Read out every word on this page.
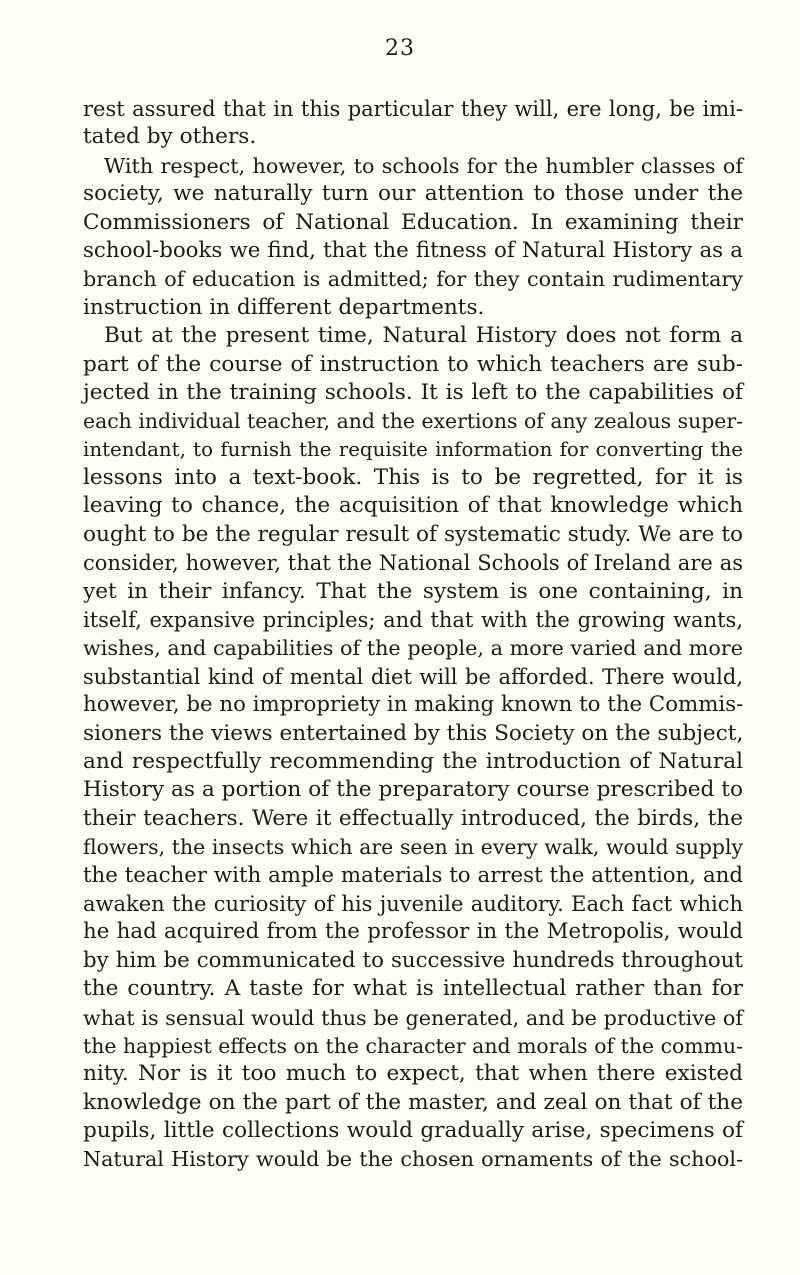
23
rest assured that in this particular they will, ere long, be imi-
tated by others.
With respect, however, to schools for the humbler classes of
society, we naturally turn our attention to those under the
Commissioners of National Education. In examining their
school-books we find, that the fitness of Natural History as a
branch of education is admitted; for they contain rudimentary
instruction in different departments.
But at the present time, Natural History does not form a
part of the course of instruction to which teachers are sub-
jected in the training schools. It is left to the capabilities of
each individual teacher, and the exertions of any zealous super-
intendant, to furnish the requisite information for converting the
lessons into a text-book. This is to be regretted, for it is
leaving to chance, the acquisition of that knowledge which
ought to be the regular result of systematic study. We are to
consider, however, that the National Schools of Ireland are as
yet in their infancy. That the system is one containing, in
itself, expansive principles; and that with the growing wants,
wishes, and capabilities of the people, a more varied and more
substantial kind of mental diet will be afforded. There would,
however, be no impropriety in making known to the Commis-
sioners the views entertained by this Society on the subject,
and respectfully recommending the introduction of Natural
History as a portion of the preparatory course prescribed to
their teachers. Were it effectually introduced, the birds, the
flowers, the insects which are seen in every walk, would supply
the teacher with ample materials to arrest the attention, and
awaken the curiosity of his juvenile auditory. Each fact which
he had acquired from the professor in the Metropolis, would
by him be communicated to successive hundreds throughout
the country. A taste for what is intellectual rather than for
what is sensual would thus be generated, and be productive of
the happiest effects on the character and morals of the commu-
nity. Nor is it too much to expect, that when there existed
knowledge on the part of the master, and zeal on that of the
pupils, little collections would gradually arise, specimens of
Natural History would be the chosen ornaments of the school-
